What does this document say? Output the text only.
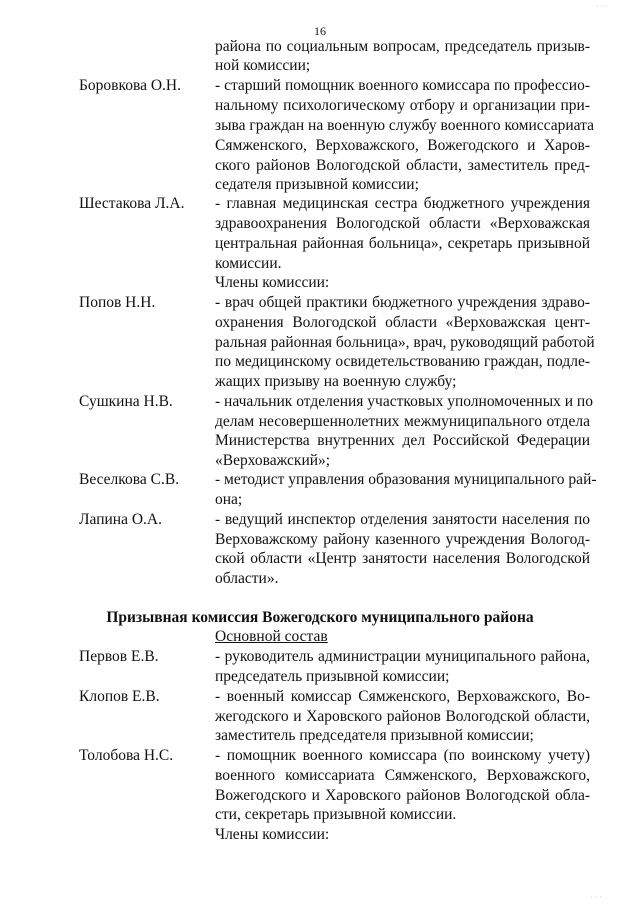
16
района по социальным вопросам, председатель призыв-
ной комиссии;
Боровкова О.Н. - старший помощник военного комиссара по профессио-
нальному психологическому отбору и организации при-
зыва граждан на военную службу военного комиссариата
Сямженского, Верховажского, Вожегодского и Харов-
ского районов Вологодской области, заместитель пред-
седателя призывной комиссии;
Шестакова Л.А. - главная медицинская сестра бюджетного учреждения
здравоохранения Вологодской области «Верховажская
центральная районная больница», секретарь призывной
комиссии.
Члены комиссии:
Попов Н.Н.	- врач общей практики бюджетного учреждения здраво-
охранения Вологодской области «Верховажская цент-
ральная районная больница», врач, руководящий работой
по медицинскому освидетельствованию граждан, подле-
жащих призыву на военную службу;
Сушкина Н.В.	- начальник отделения участковых уполномоченных и по
делам несовершеннолетних межмуниципального отдела
Министерства внутренних дел Российской Федерации
«Верховажский»;
Веселкова С.В. - методист управления образования муниципального рай-
она;
Лапина О.А.	- ведущий инспектор отделения занятости населения по
Верховажскому району казенного учреждения Вологод-
ской области «Центр занятости населения Вологодской
области».
Призывная комиссия Вожегодского муниципального района
Основной состав
Первов Е.В.	- руководитель администрации муниципального района,
председатель призывной комиссии;
Клопов Е.В.	- военный комиссар Сямженского, Верховажского, Во-
жегодского и Харовского районов Вологодской области,
заместитель председателя призывной комиссии;
Толобова Н.С.	- помощник военного комиссара (по воинскому учету)
военного комиссариата Сямженского, Верховажского,
Вожегодского и Харовского районов Вологодской обла-
сти, секретарь призывной комиссии.
Члены комиссии:
· · ·
· · ·
